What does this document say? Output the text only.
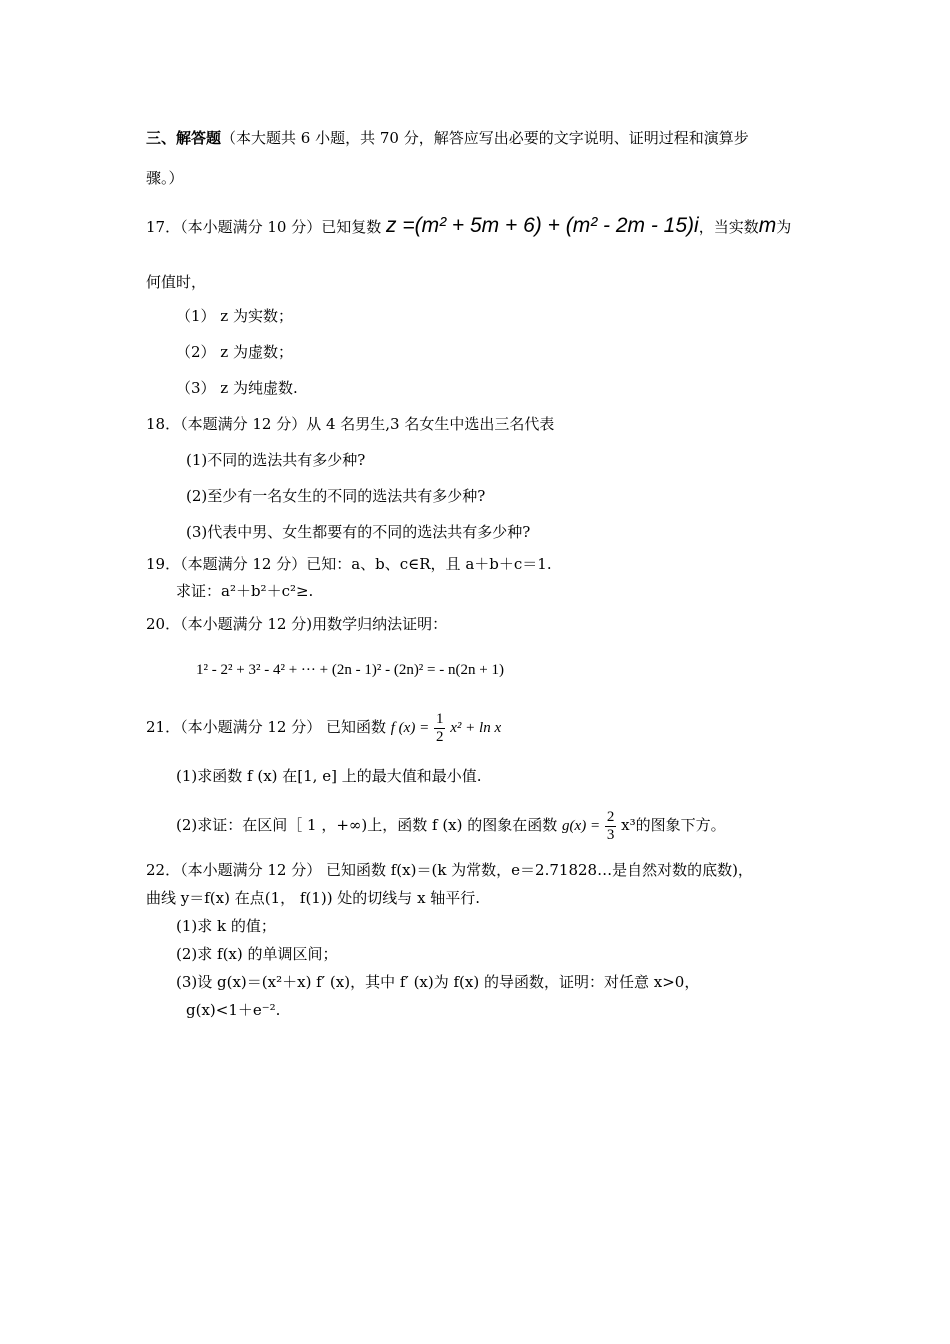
三、解答题（本大题共 6 小题，共 70 分，解答应写出必要的文字说明、证明过程和演算步
骤。）
17．（本小题满分 10 分）已知复数 z =(m² + 5m + 6) + (m² - 2m - 15)i，当实数m为
何值时，
（1） z 为实数；
（2） z 为虚数；
（3） z 为纯虚数.
18．（本题满分 12 分）从 4 名男生,3 名女生中选出三名代表
(1)不同的选法共有多少种?
(2)至少有一名女生的不同的选法共有多少种?
(3)代表中男、女生都要有的不同的选法共有多少种?
19．（本题满分 12 分）已知：a、b、c∈R，且 a＋b＋c＝1.
求证：a²＋b²＋c²≥.
20．（本小题满分 12 分)用数学归纳法证明：
1² - 2² + 3² - 4² + ··· + (2n - 1)² - (2n)² = - n(2n + 1)
21．（本小题满分 12 分） 已知函数 f $(x) = \frac{1}{2} x^2 + \ln x$
(1)求函数 f (x) 在[1, e] 上的最大值和最小值.
(2)求证：在区间［ 1 ，+∞)上，函数 f (x) 的图象在函数 $g(x) = \frac{2}{3} x^3$的图象下方。
22．（本小题满分 12 分） 已知函数 f(x)＝(k 为常数，e＝2.71828…是自然对数的底数)，
曲线 y＝f(x) 在点(1， f(1)) 处的切线与 x 轴平行.
(1)求 k 的值；
(2)求 f(x) 的单调区间；
(3)设 g(x)＝(x²＋x) f′ (x)，其中 f′ (x)为 f(x) 的导函数，证明：对任意 x>0，
g(x)<1＋e⁻².
